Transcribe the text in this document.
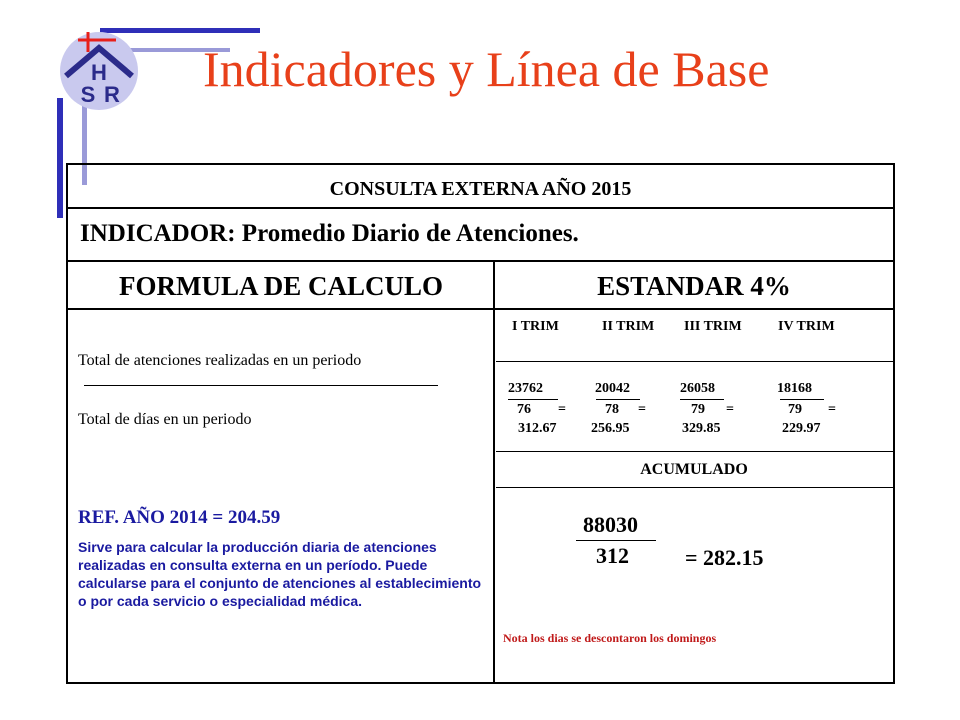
H
S R Indicadores y Línea de Base
CONSULTA EXTERNA AÑO 2015
INDICADOR: Promedio Diario de Atenciones.
FORMULA DE CALCULO	ESTANDAR 4%
Total de atenciones realizadas en un periodo
Total de días en un periodo
REF. AÑO 2014 = 204.59
Sirve para calcular la producción diaria de atenciones realizadas en consulta externa en un período. Puede calcularse para el conjunto de atenciones al establecimiento o por cada servicio o especialidad médica.
I TRIM	II TRIM III TRIM	IV TRIM
23762	20042	26058	18168
76 =	78 =	79 =	79 =
312.67 256.95	329.85	229.97
ACUMULADO
88030
312	= 282.15
Nota los dias se descontaron los domingos
